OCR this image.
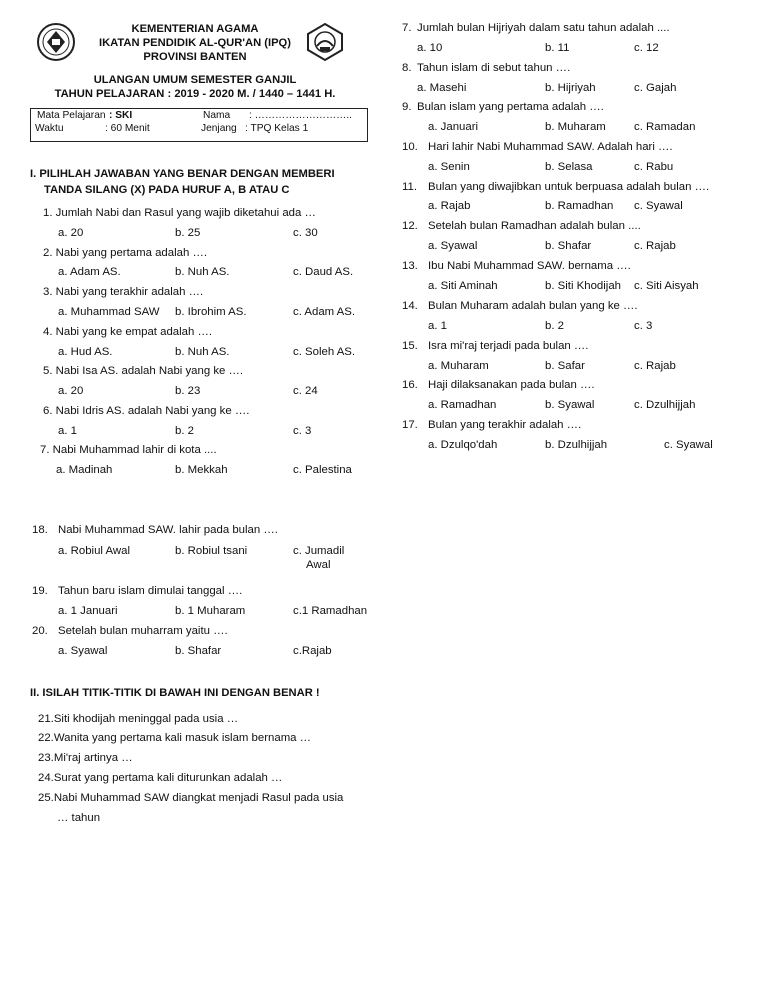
KEMENTERIAN AGAMA
IKATAN PENDIDIK AL-QUR'AN (IPQ)
PROVINSI BANTEN
ULANGAN UMUM SEMESTER GANJIL
TAHUN PELAJARAN : 2019 - 2020 M. / 1440 – 1441 H.
Mata Pelajaran : SKI
Waktu	: 60 Menit
Nama : ………………………..
Jenjang : TPQ Kelas 1
I. PILIHLAH JAWABAN YANG BENAR DENGAN MEMBERI
TANDA SILANG (X) PADA HURUF A, B ATAU C
1. Jumlah Nabi dan Rasul yang wajib diketahui ada …
a. 20	b. 25	c. 30
2. Nabi yang pertama adalah ….
a. Adam AS.	b. Nuh AS.	c. Daud AS.
3. Nabi yang terakhir adalah ….
a. Muhammad SAW b. Ibrohim AS.	c. Adam AS.
4. Nabi yang ke empat adalah ….
a. Hud AS.	b. Nuh AS.	c. Soleh AS.
5. Nabi Isa AS. adalah Nabi yang ke ….
a. 20	b. 23	c. 24
6. Nabi Idris AS. adalah Nabi yang ke ….
a. 1	b. 2	c. 3
7. Nabi Muhammad lahir di kota ....
a. Madinah	b. Mekkah	c. Palestina
18. Nabi Muhammad SAW. lahir pada bulan ….
a. Robiul Awal	b. Robiul tsani	c. Jumadil
Awal
19. Tahun baru islam dimulai tanggal ….
a. 1 Januari	b. 1 Muharam	c.1 Ramadhan
20. Setelah bulan muharram yaitu ….
a. Syawal	b. Shafar	c.Rajab
II. ISILAH TITIK-TITIK DI BAWAH INI DENGAN BENAR !
21.Siti khodijah meninggal pada usia …
22.Wanita yang pertama kali masuk islam bernama …
23.Mi'raj artinya …
24.Surat yang pertama kali diturunkan adalah …
25.Nabi Muhammad SAW diangkat menjadi Rasul pada usia
… tahun
7. Jumlah bulan Hijriyah dalam satu tahun adalah ....
a. 10	b. 11	c. 12
8. Tahun islam di sebut tahun ….
a. Masehi	b. Hijriyah	c. Gajah
9. Bulan islam yang pertama adalah ….
a. Januari	b. Muharam c. Ramadan
10. Hari lahir Nabi Muhammad SAW. Adalah hari ….
a. Senin	b. Selasa	c. Rabu
11. Bulan yang diwajibkan untuk berpuasa adalah bulan ….
a. Rajab	b. Ramadhan c. Syawal
12. Setelah bulan Ramadhan adalah bulan ....
a. Syawal	b. Shafar	c. Rajab
13. Ibu Nabi Muhammad SAW. bernama ….
a. Siti Aminah	b. Siti Khodijah c. Siti Aisyah
14. Bulan Muharam adalah bulan yang ke ….
a. 1	b. 2	c. 3
15. Isra mi'raj terjadi pada bulan ….
a. Muharam	b. Safar	c. Rajab
16. Haji dilaksanakan pada bulan ….
a. Ramadhan	b. Syawal	c. Dzulhijjah
17. Bulan yang terakhir adalah ….
a. Dzulqo'dah	b. Dzulhijjah	c. Syawal
